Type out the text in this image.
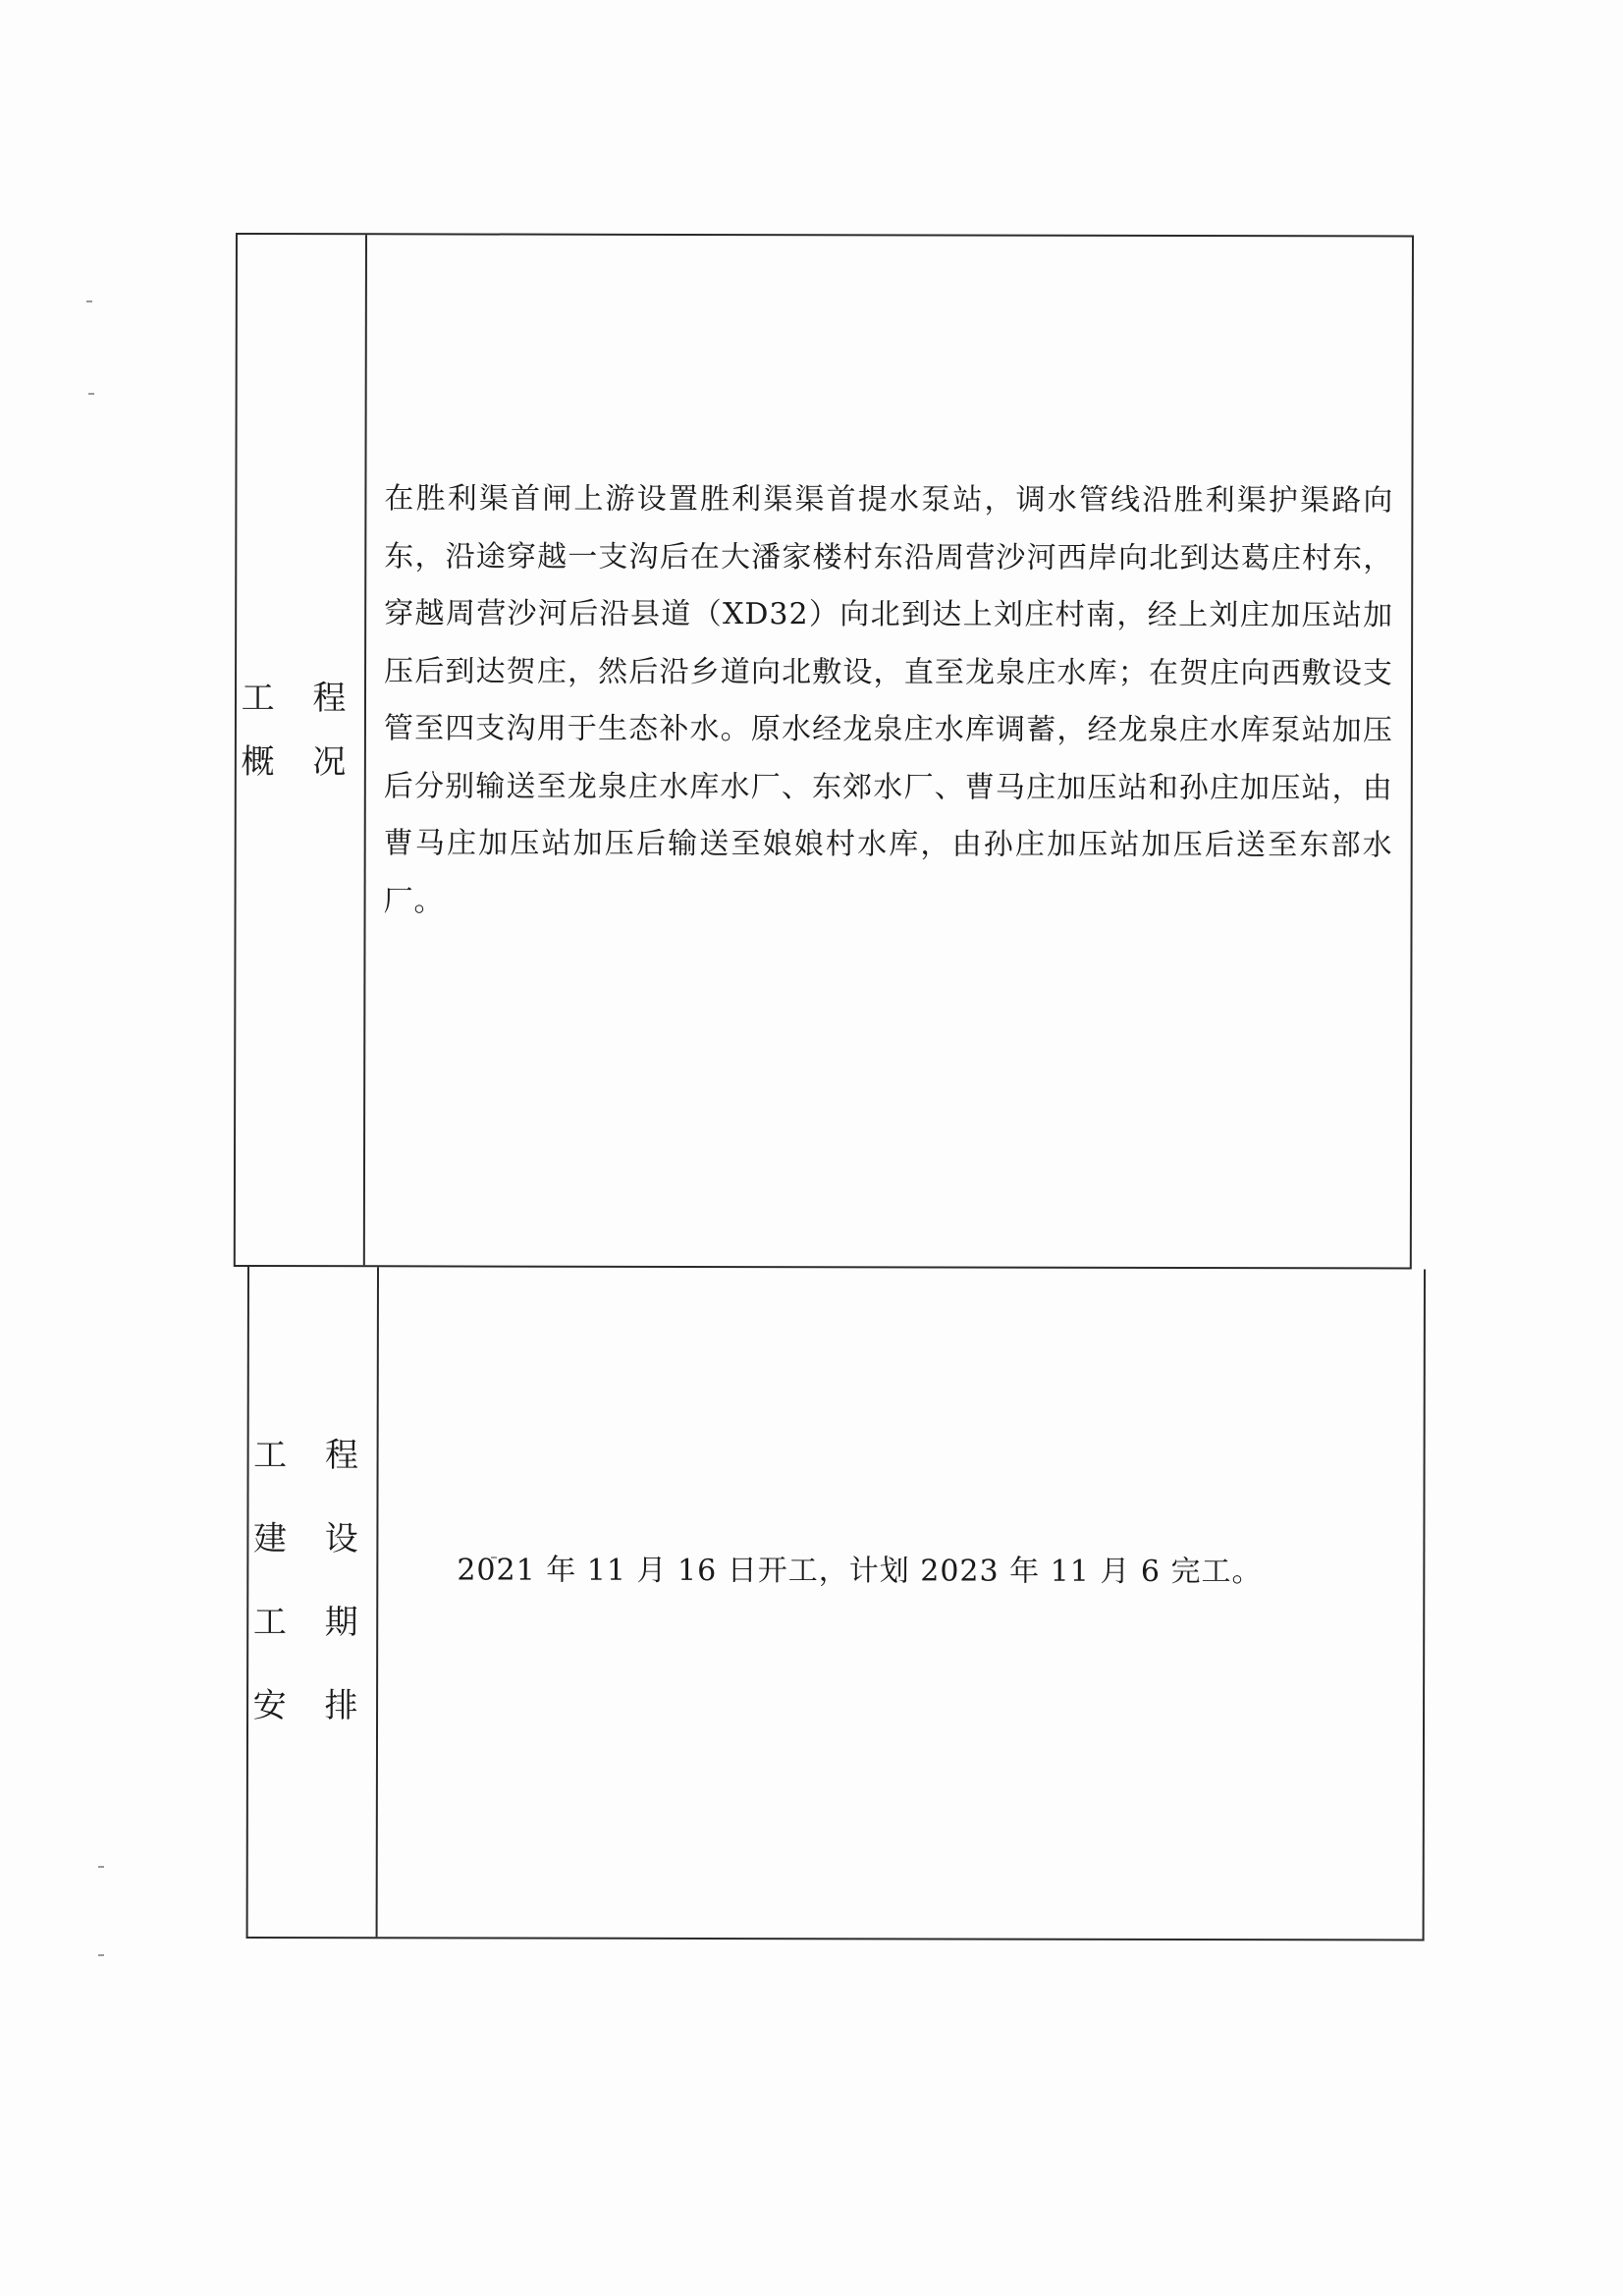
工 程
概 况
在胜利渠首闸上游设置胜利渠渠首提水泵站，调水管线沿胜利渠护渠路向东，沿途穿越一支沟后在大潘家楼村东沿周营沙河西岸向北到达葛庄村东，穿越周营沙河后沿县道（XD32）向北到达上刘庄村南，经上刘庄加压站加压后到达贺庄，然后沿乡道向北敷设，直至龙泉庄水库；在贺庄向西敷设支管至四支沟用于生态补水。原水经龙泉庄水库调蓄，经龙泉庄水库泵站加压后分别输送至龙泉庄水库水厂、东郊水厂、曹马庄加压站和孙庄加压站，由曹马庄加压站加压后输送至娘娘村水库，由孙庄加压站加压后送至东部水厂。
工 程
建 设
工 期
安 排
2021 年 11 月 16 日开工，计划 2023 年 11 月 6 完工。
